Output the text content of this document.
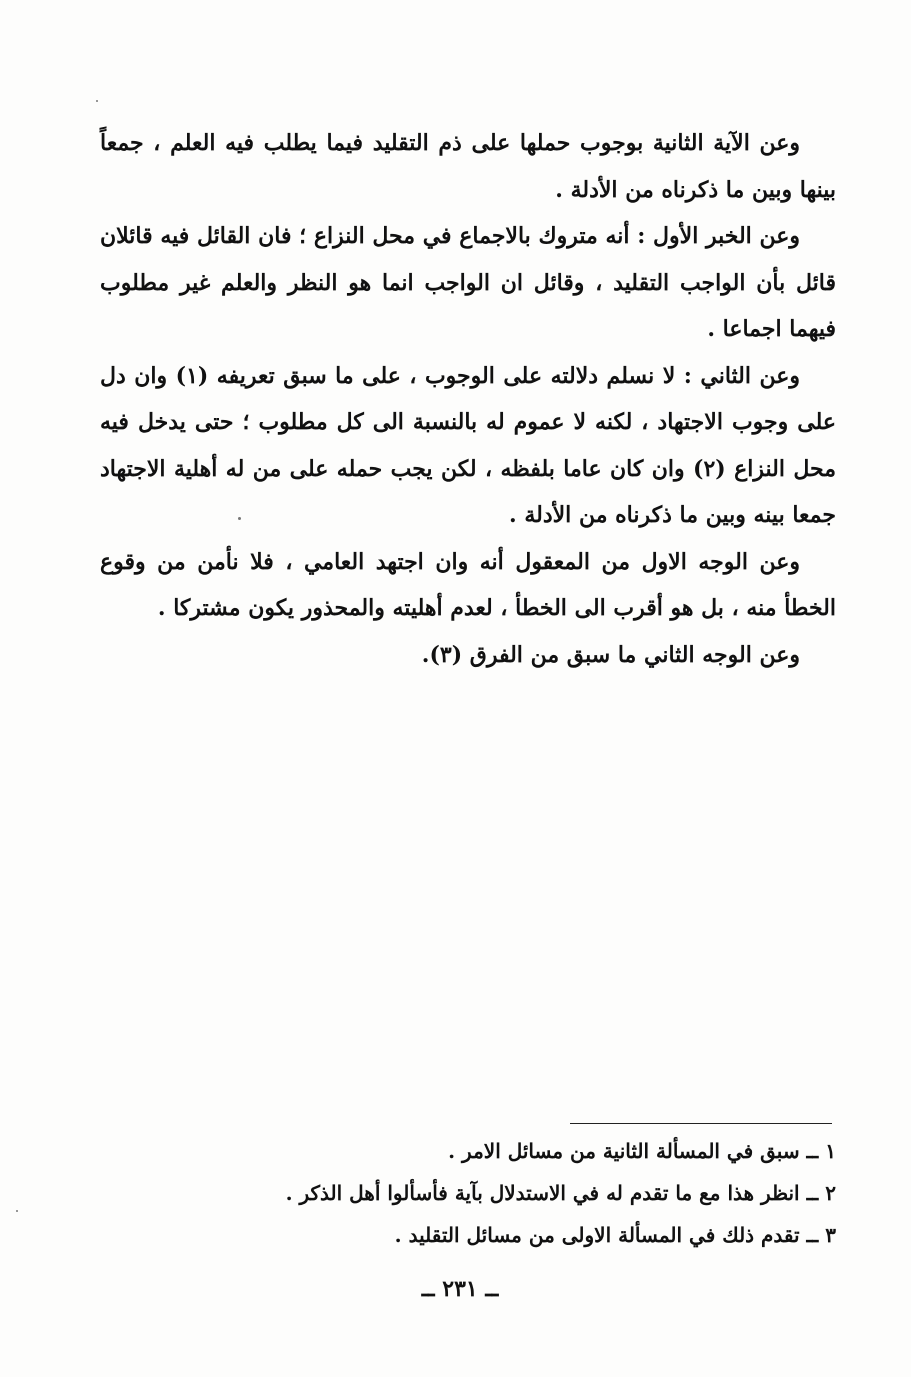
وعن الآية الثانية بوجوب حملها على ذم التقليد فيما يطلب فيه العلم ، جمعاً بينها وبين ما ذكرناه من الأدلة .

وعن الخبر الأول : أنه متروك بالاجماع في محل النزاع ؛ فان القائل فيه قائلان قائل بأن الواجب التقليد ، وقائل ان الواجب انما هو النظر والعلم غير مطلوب فيهما اجماعا .

وعن الثاني : لا نسلم دلالته على الوجوب ، على ما سبق تعريفه (١) وان دل على وجوب الاجتهاد ، لكنه لا عموم له بالنسبة الى كل مطلوب ؛ حتى يدخل فيه محل النزاع (٢) وان كان عاما بلفظه ، لكن يجب حمله على من له أهلية الاجتهاد جمعا بينه وبين ما ذكرناه من الأدلة .

وعن الوجه الاول من المعقول أنه وان اجتهد العامي ، فلا نأمن من وقوع الخطأ منه ، بل هو أقرب الى الخطأ ، لعدم أهليته والمحذور يكون مشتركا .

وعن الوجه الثاني ما سبق من الفرق (٣).

١ ــ سبق في المسألة الثانية من مسائل الامر .
٢ ــ انظر هذا مع ما تقدم له في الاستدلال بآية فأسألوا أهل الذكر .
٣ ــ تقدم ذلك في المسألة الاولى من مسائل التقليد .
ــ ٢٣١ ــ
